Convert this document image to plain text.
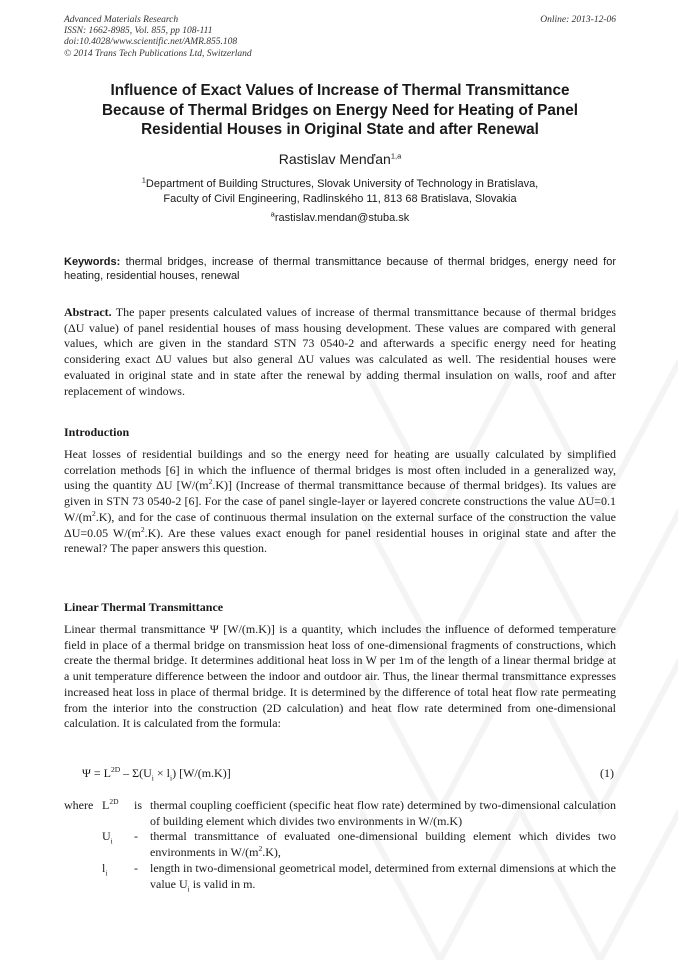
Advanced Materials Research
ISSN: 1662-8985, Vol. 855, pp 108-111
doi:10.4028/www.scientific.net/AMR.855.108
© 2014 Trans Tech Publications Ltd, Switzerland
Online: 2013-12-06
Influence of Exact Values of Increase of Thermal Transmittance
Because of Thermal Bridges on Energy Need for Heating of Panel
Residential Houses in Original State and after Renewal
Rastislav Menďan$^{1,a}$
$^1$Department of Building Structures, Slovak University of Technology in Bratislava,
Faculty of Civil Engineering, Radlinského 11, 813 68 Bratislava, Slovakia
$^a$rastislav.mendan@stuba.sk
Keywords: thermal bridges, increase of thermal transmittance because of thermal bridges, energy need for heating, residential houses, renewal
Abstract. The paper presents calculated values of increase of thermal transmittance because of thermal bridges (ΔU value) of panel residential houses of mass housing development. These values are compared with general values, which are given in the standard STN 73 0540-2 and afterwards a specific energy need for heating considering exact ΔU values but also general ΔU values was calculated as well. The residential houses were evaluated in original state and in state after the renewal by adding thermal insulation on walls, roof and after replacement of windows.
Introduction
Heat losses of residential buildings and so the energy need for heating are usually calculated by simplified correlation methods [6] in which the influence of thermal bridges is most often included in a generalized way, using the quantity ΔU $[W/(m^2.K)]$ (Increase of thermal transmittance because of thermal bridges). Its values are given in STN 73 0540-2 [6]. For the case of panel single-layer or layered concrete constructions the value ΔU=0.1 $W/(m^2.K)$, and for the case of continuous thermal insulation on the external surface of the construction the value ΔU=0.05 $W/(m^2.K)$. Are these values exact enough for panel residential houses in original state and after the renewal? The paper answers this question.
Linear Thermal Transmittance
Linear thermal transmittance Ψ [W/(m.K)] is a quantity, which includes the influence of deformed temperature field in place of a thermal bridge on transmission heat loss of one-dimensional fragments of constructions, which create the thermal bridge. It determines additional heat loss in W per 1m of the length of a linear thermal bridge at a unit temperature difference between the indoor and outdoor air. Thus, the linear thermal transmittance expresses increased heat loss in place of thermal bridge. It is determined by the difference of total heat flow rate permeating from the interior into the construction (2D calculation) and heat flow rate determined from one-dimensional calculation. It is calculated from the formula:
$\Psi = L^{2D} - \Sigma(U_i \times l_i)$ [W/(m.K)]	(1)
where $L^{2D}$	is thermal coupling coefficient (specific heat flow rate) determined by two-dimensional calculation of building element which divides two environments in W/(m.K)
$U_i$	-	thermal transmittance of evaluated one-dimensional building element which divides two environments in $W/(m^2.K)$,
$l_i$	-	length in two-dimensional geometrical model, determined from external dimensions at which the value $U_i$ is valid in m.
